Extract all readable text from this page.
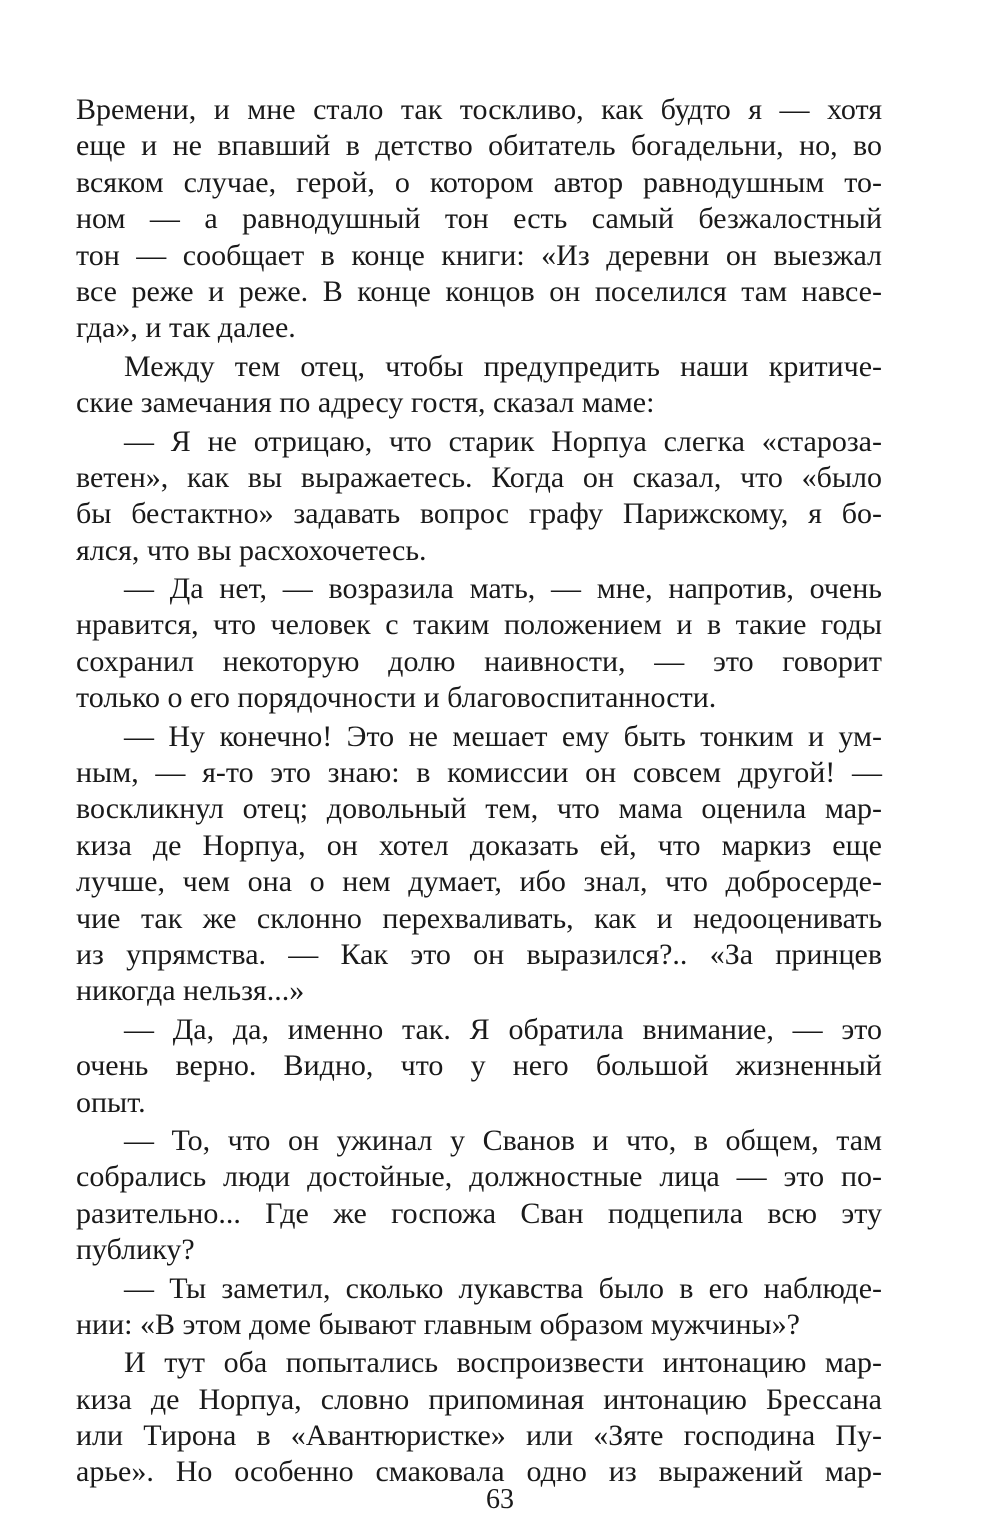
Времени, и мне стало так тоскливо, как будто я — хотя
еще и не впавший в детство обитатель богадельни, но, во
всяком случае, герой, о котором автор равнодушным то-
ном — а равнодушный тон есть самый безжалостный
тон — сообщает в конце книги: «Из деревни он выезжал
все реже и реже. В конце концов он поселился там навсе-
гда», и так далее.
Между тем отец, чтобы предупредить наши критиче-
ские замечания по адресу гостя, сказал маме:
— Я не отрицаю, что старик Норпуа слегка «староза-
ветен», как вы выражаетесь. Когда он сказал, что «было
бы бестактно» задавать вопрос графу Парижскому, я бо-
ялся, что вы расхохочетесь.
— Да нет, — возразила мать, — мне, напротив, очень
нравится, что человек с таким положением и в такие годы
сохранил некоторую долю наивности, — это говорит
только о его порядочности и благовоспитанности.
— Ну конечно! Это не мешает ему быть тонким и ум-
ным, — я-то это знаю: в комиссии он совсем другой! —
воскликнул отец; довольный тем, что мама оценила мар-
киза де Норпуа, он хотел доказать ей, что маркиз еще
лучше, чем она о нем думает, ибо знал, что добросерде-
чие так же склонно перехваливать, как и недооценивать
из упрямства. — Как это он выразился?.. «За принцев
никогда нельзя...»
— Да, да, именно так. Я обратила внимание, — это
очень верно. Видно, что у него большой жизненный
опыт.
— То, что он ужинал у Сванов и что, в общем, там
собрались люди достойные, должностные лица — это по-
разительно... Где же госпожа Сван подцепила всю эту
публику?
— Ты заметил, сколько лукавства было в его наблюде-
нии: «В этом доме бывают главным образом мужчины»?
И тут оба попытались воспроизвести интонацию мар-
киза де Норпуа, словно припоминая интонацию Брессана
или Тирона в «Авантюристке» или «Зяте господина Пу-
арье». Но особенно смаковала одно из выражений мар-
63
